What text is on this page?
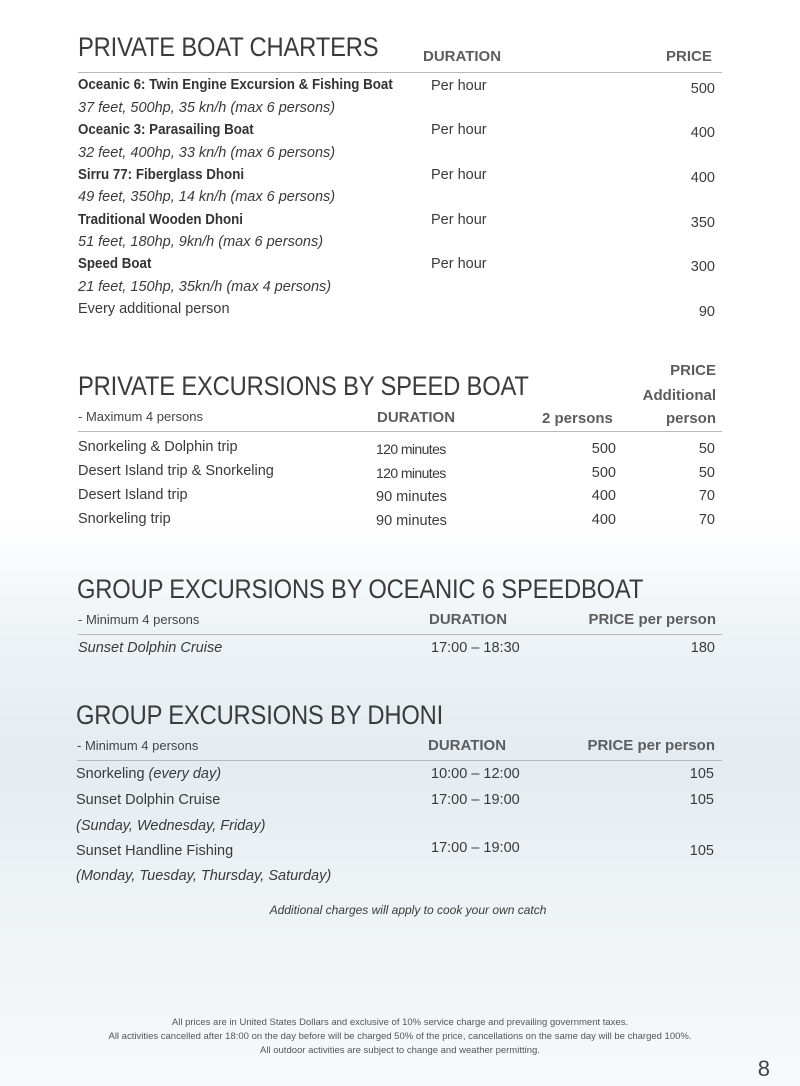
PRIVATE BOAT CHARTERS	DURATION	PRICE
Oceanic 6: Twin Engine Excursion & Fishing Boat	Per hour	500
37 feet, 500hp, 35 kn/h (max 6 persons)
Oceanic 3: Parasailing Boat	Per hour	400
32 feet, 400hp, 33 kn/h (max 6 persons)
Sirru 77: Fiberglass Dhoni	Per hour	400
49 feet, 350hp, 14 kn/h (max 6 persons)
Traditional Wooden Dhoni	Per hour	350
51 feet, 180hp, 9kn/h (max 6 persons)
Speed Boat	Per hour	300
21 feet, 150hp, 35kn/h (max 4 persons)
Every additional person	90
PRICE
PRIVATE EXCURSIONS BY SPEED BOAT	Additional
- Maximum 4 persons	DURATION	2 persons	person
Snorkeling & Dolphin trip	120 minutes	500	50
Desert Island trip & Snorkeling	120 minutes	500	50
Desert Island trip	90 minutes	400	70
Snorkeling trip	90 minutes	400	70
GROUP EXCURSIONS BY OCEANIC 6 SPEEDBOAT
- Minimum 4 persons	DURATION	PRICE per person
Sunset Dolphin Cruise	17:00 – 18:30	180
GROUP EXCURSIONS BY DHONI
- Minimum 4 persons	DURATION	PRICE per person
Snorkeling (every day)	10:00 – 12:00	105
Sunset Dolphin Cruise	17:00 – 19:00	105
(Sunday, Wednesday, Friday)
Sunset Handline Fishing	17:00 – 19:00	105
(Monday, Tuesday, Thursday, Saturday)
Additional charges will apply to cook your own catch
All prices are in United States Dollars and exclusive of 10% service charge and prevailing government taxes.
All activities cancelled after 18:00 on the day before will be charged 50% of the price, cancellations on the same day will be charged 100%.
All outdoor activities are subject to change and weather permitting.
8
